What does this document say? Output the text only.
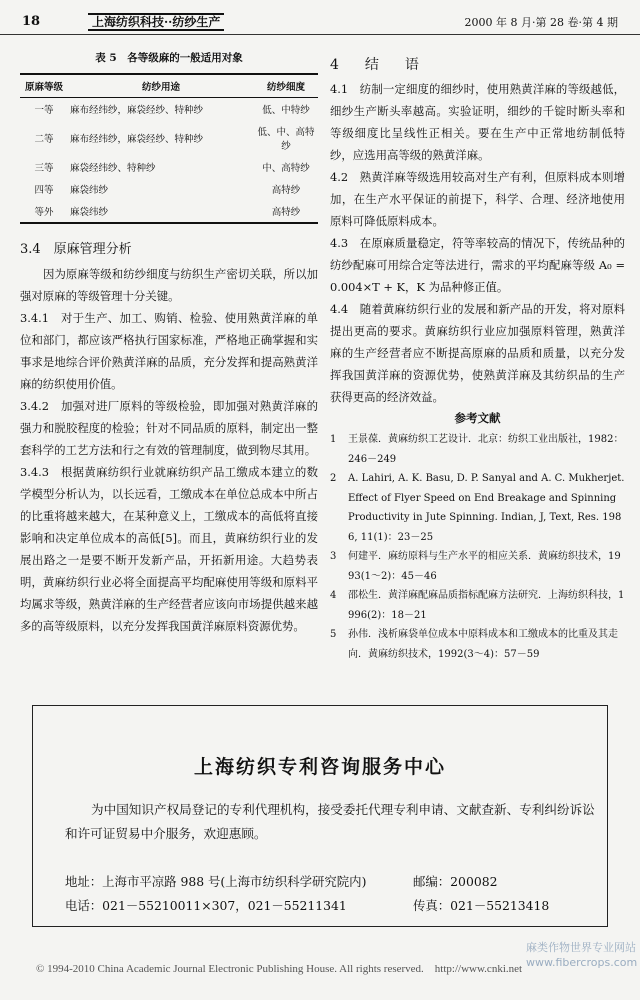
18	上海纺织科技··纺纱生产	2000 年 8 月·第 28 卷·第 4 期
表 5　各等级麻的一般适用对象
原麻等级	纺纱用途	纺纱细度
一等	麻布经纬纱，麻袋经纱、特种纱	低、中特纱
二等	麻布经纬纱，麻袋经纱、特种纱	低、中、高特纱
三等	麻袋经纬纱、特种纱	中、高特纱
四等	麻袋纬纱	高特纱
等外	麻袋纬纱	高特纱
3.4　原麻管理分析

因为原麻等级和纺纱细度与纺织生产密切关联，所以加强对原麻的等级管理十分关键。

3.4.1　对于生产、加工、购销、检验、使用熟黄洋麻的单位和部门，都应该严格执行国家标准，严格地正确掌握和实事求是地综合评价熟黄洋麻的品质，充分发挥和提高熟黄洋麻的纺织使用价值。

3.4.2　加强对进厂原料的等级检验，即加强对熟黄洋麻的强力和脱胶程度的检验；针对不同品质的原料，制定出一整套科学的工艺方法和行之有效的管理制度，做到物尽其用。

3.4.3　根据黄麻纺织行业就麻纺织产品工缴成本建立的数学模型分析认为，以长远看，工缴成本在单位总成本中所占的比重将越来越大，在某种意义上，工缴成本的高低将直接影响和决定单位成本的高低[5]。而且，黄麻纺织行业的发展出路之一是要不断开发新产品，开拓新用途。大趋势表明，黄麻纺织行业必将全面提高平均配麻使用等级和原料平均属求等级，熟黄洋麻的生产经营者应该向市场提供越来越多的高等级原料，以充分发挥我国黄洋麻原料资源优势。

4　结　语

4.1　纺制一定细度的细纱时，使用熟黄洋麻的等级越低，细纱生产断头率越高。实验证明，细纱的千锭时断头率和等级细度比呈线性正相关。要在生产中正常地纺制低特纱，应选用高等级的熟黄洋麻。

4.2　熟黄洋麻等级选用较高对生产有利，但原料成本则增加，在生产水平保证的前提下，科学、合理、经济地使用原料可降低原料成本。

4.3　在原麻质量稳定，符等率较高的情况下，传统品种的纺纱配麻可用综合定等法进行，需求的平均配麻等级 A₀ = 0.004×T + K，K 为品种修正值。

4.4　随着黄麻纺织行业的发展和新产品的开发，将对原料提出更高的要求。黄麻纺织行业应加强原料管理，熟黄洋麻的生产经营者应不断提高原麻的品质和质量，以充分发挥我国黄洋麻的资源优势，使熟黄洋麻及其纺织品的生产获得更高的经济效益。

参考文献
1	王景葆．黄麻纺织工艺设计．北京：纺织工业出版社，1982：246－249
2	A. Lahiri, A. K. Basu, D. P. Sanyal and A. C. Mukherjet. Effect of Flyer Speed on End Breakage and Spinning Productivity in Jute Spinning. Indian, J, Text, Res. 1986, 11(1)：23－25
3	何建平．麻纺原料与生产水平的相应关系．黄麻纺织技术，1993(1～2)：45－46
4	邵松生．黄洋麻配麻品质指标配麻方法研究．上海纺织科技，1996(2)：18－21
5	孙伟．浅析麻袋单位成本中原料成本和工缴成本的比重及其走向．黄麻纺织技术，1992(3～4)：57－59
上海纺织专利咨询服务中心
为中国知识产权局登记的专利代理机构，接受委托代理专利申请、文献查新、专利纠纷诉讼和许可证贸易中介服务，欢迎惠顾。
地址：上海市平凉路 988 号(上海市纺织科学研究院内)	邮编：200082
电话：021－55210011×307，021－55211341	传真：021－55213418
© 1994-2010 China Academic Journal Electronic Publishing House. All rights reserved.　http://www.cnki.net
麻类作物世界专业网站
www.fibercrops.com
